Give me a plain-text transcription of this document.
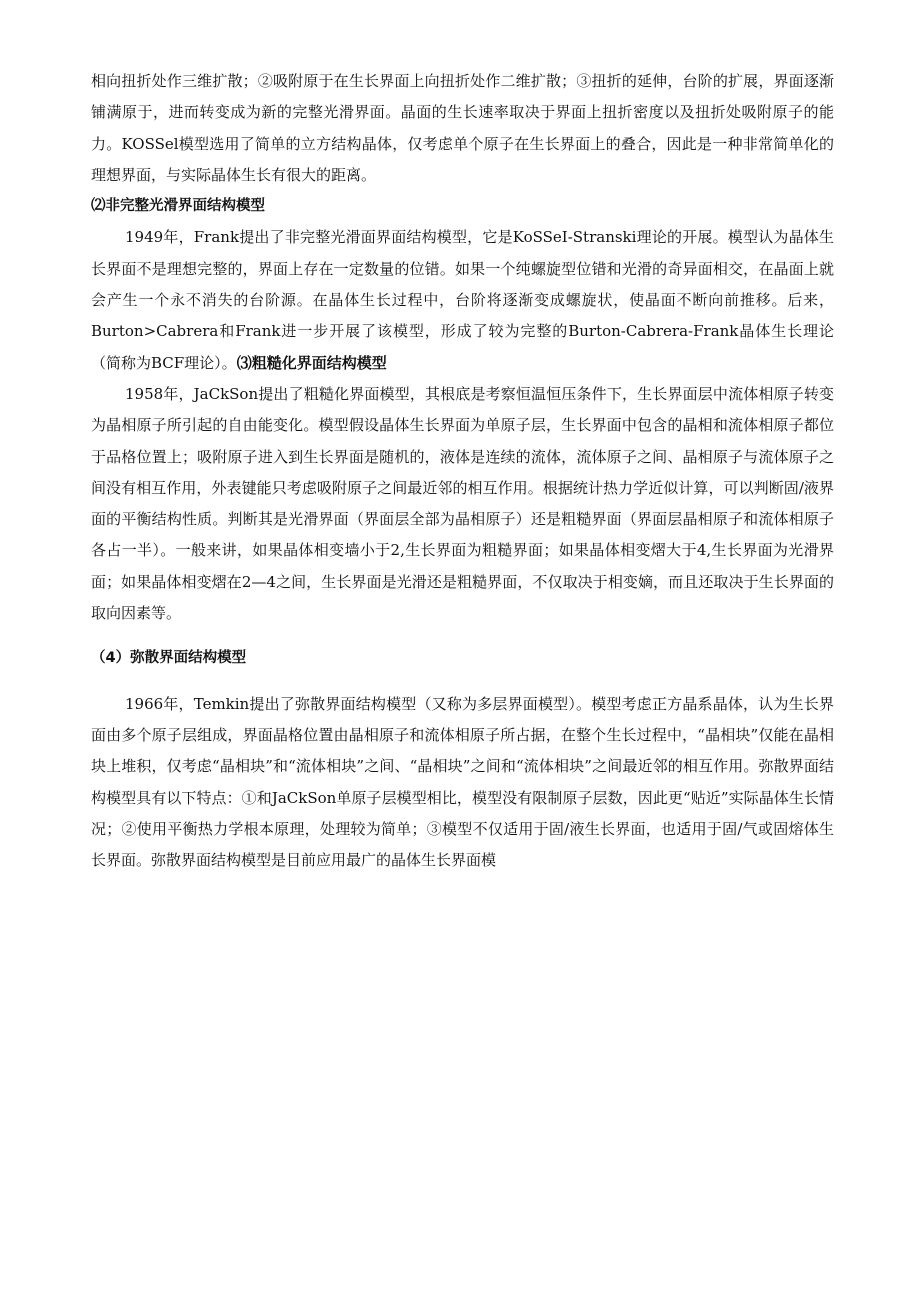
相向扭折处作三维扩散；②吸附原于在生长界面上向扭折处作二维扩散；③扭折的延伸，台阶的扩展，界面逐渐铺满原于，进而转变成为新的完整光滑界面。晶面的生长速率取决于界面上扭折密度以及扭折处吸附原子的能力。KOSSel模型选用了简单的立方结构晶体，仅考虑单个原子在生长界面上的叠合，因此是一种非常简单化的理想界面，与实际晶体生长有很大的距离。

⑵非完整光滑界面结构模型

1949年，Frank提出了非完整光滑面界面结构模型，它是KoSSeI-Stranski理论的开展。模型认为晶体生长界面不是理想完整的，界面上存在一定数量的位错。如果一个纯螺旋型位错和光滑的奇异面相交，在晶面上就会产生一个永不消失的台阶源。在晶体生长过程中，台阶将逐渐变成螺旋状，使晶面不断向前推移。后来，Burton>Cabrera和Frank进一步开展了该模型，形成了较为完整的Burton-Cabrera-Frank晶体生长理论（简称为BCF理论）。⑶粗糙化界面结构模型

1958年，JaCkSon提出了粗糙化界面模型，其根底是考察恒温恒压条件下，生长界面层中流体相原子转变为晶相原子所引起的自由能变化。模型假设晶体生长界面为单原子层，生长界面中包含的晶相和流体相原子都位于品格位置上；吸附原子进入到生长界面是随机的，液体是连续的流体，流体原子之间、晶相原子与流体原子之间没有相互作用，外表键能只考虑吸附原子之间最近邻的相互作用。根据统计热力学近似计算，可以判断固/液界面的平衡结构性质。判断其是光滑界面（界面层全部为晶相原子）还是粗糙界面（界面层晶相原子和流体相原子各占一半）。一般来讲，如果晶体相变墙小于2,生长界面为粗糙界面；如果晶体相变熠大于4,生长界面为光滑界面；如果晶体相变熠在2—4之间，生长界面是光滑还是粗糙界面，不仅取决于相变嫡，而且还取决于生长界面的取向因素等。

（4）弥散界面结构模型

1966年，Temkin提出了弥散界面结构模型（又称为多层界面模型）。模型考虑正方晶系晶体，认为生长界面由多个原子层组成，界面晶格位置由晶相原子和流体相原子所占据，在整个生长过程中，“晶相块”仅能在晶相块上堆积，仅考虑“晶相块”和“流体相块”之间、“晶相块”之间和“流体相块”之间最近邻的相互作用。弥散界面结构模型具有以下特点：①和JaCkSon单原子层模型相比，模型没有限制原子层数，因此更“贴近”实际晶体生长情况；②使用平衡热力学根本原理，处理较为简单；③模型不仅适用于固/液生长界面，也适用于固/气或固熔体生长界面。弥散界面结构模型是目前应用最广的晶体生长界面模
